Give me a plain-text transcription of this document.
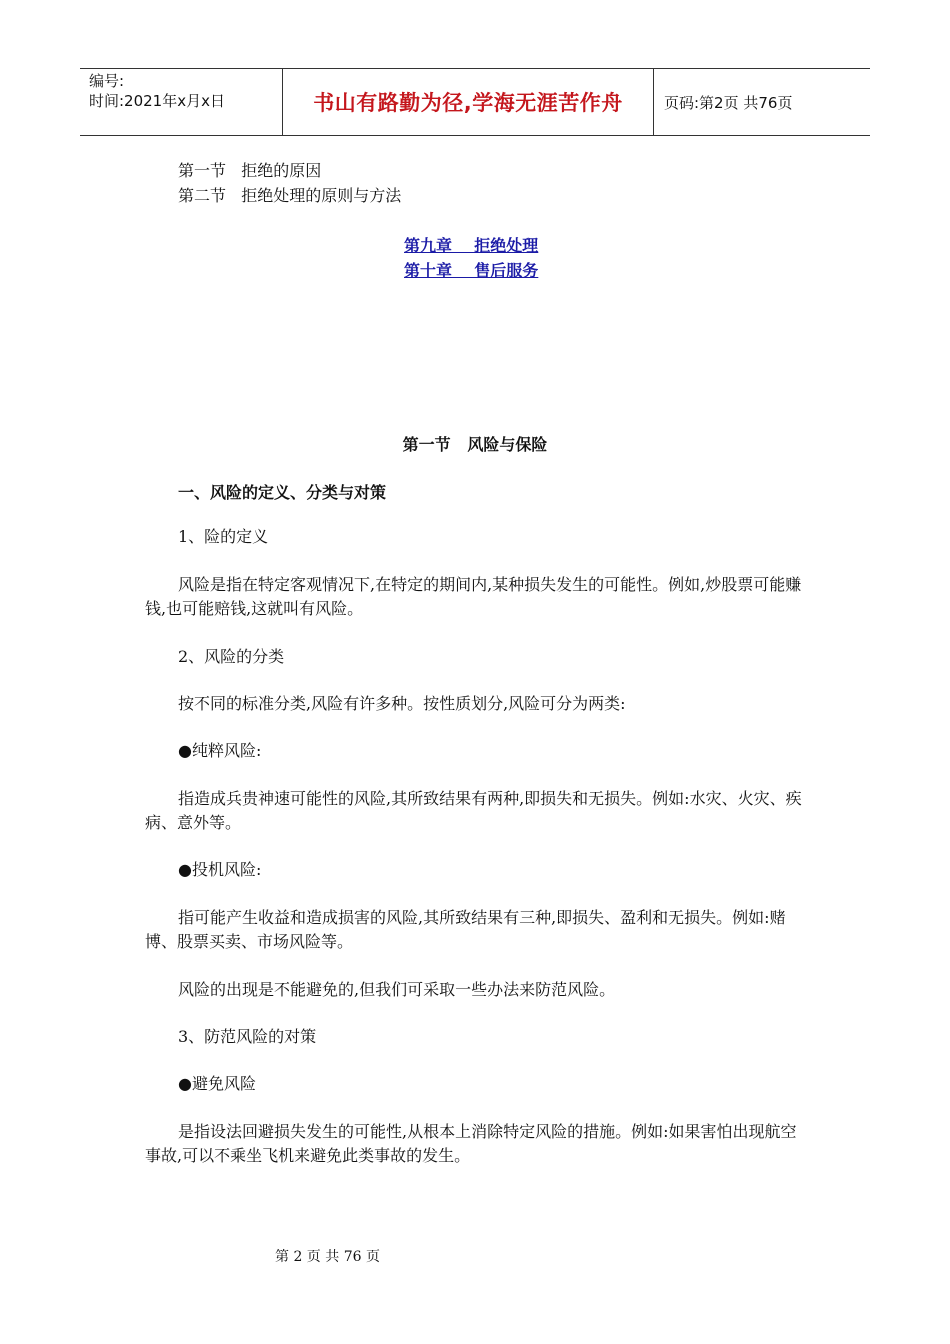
编号:
时间:2021年x月x日	书山有路勤为径,学海无涯苦作舟	页码:第2页 共76页
第一节   拒绝的原因
第二节   拒绝处理的原则与方法
第九章    拒绝处理
第十章    售后服务
第一节   风险与保险
一、风险的定义、分类与对策
1、险的定义
风险是指在特定客观情况下,在特定的期间内,某种损失发生的可能性。例如,炒股票可能赚钱,也可能赔钱,这就叫有风险。
2、风险的分类
按不同的标准分类,风险有许多种。按性质划分,风险可分为两类:
●纯粹风险:
指造成兵贵神速可能性的风险,其所致结果有两种,即损失和无损失。例如:水灾、火灾、疾病、意外等。
●投机风险:
指可能产生收益和造成损害的风险,其所致结果有三种,即损失、盈利和无损失。例如:赌博、股票买卖、市场风险等。
风险的出现是不能避免的,但我们可采取一些办法来防范风险。
3、防范风险的对策
●避免风险
是指设法回避损失发生的可能性,从根本上消除特定风险的措施。例如:如果害怕出现航空事故,可以不乘坐飞机来避免此类事故的发生。
第 2 页 共 76 页
